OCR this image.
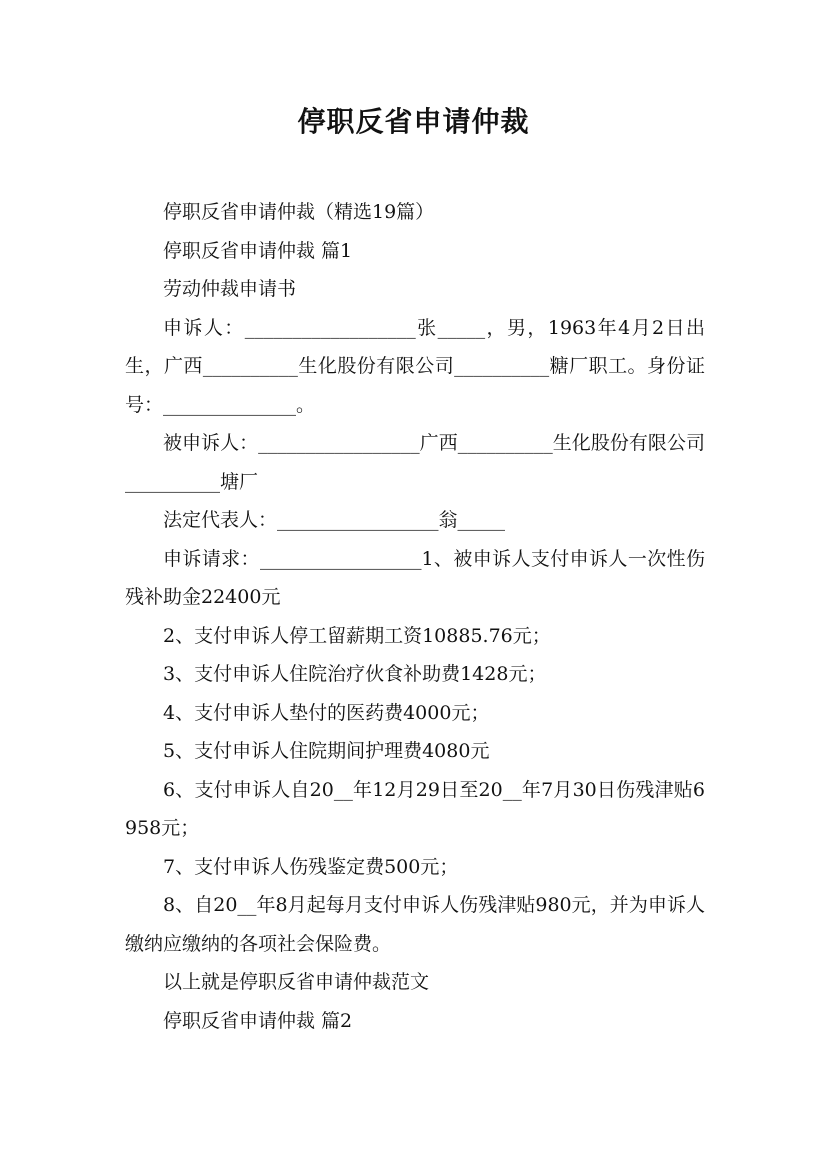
停职反省申请仲裁

停职反省申请仲裁（精选19篇）

停职反省申请仲裁 篇1

劳动仲裁申请书

申诉人：__________________张_____，男，1963年4月2日出生，广西__________生化股份有限公司__________糖厂职工。身份证号：______________。

被申诉人：_________________广西__________生化股份有限公司__________塘厂

法定代表人：_________________翁_____

申诉请求：_________________1、被申诉人支付申诉人一次性伤残补助金22400元

2、支付申诉人停工留薪期工资10885.76元；

3、支付申诉人住院治疗伙食补助费1428元；

4、支付申诉人垫付的医药费4000元；

5、支付申诉人住院期间护理费4080元

6、支付申诉人自20__年12月29日至20__年7月30日伤残津贴6958元；

7、支付申诉人伤残鉴定费500元；

8、自20__年8月起每月支付申诉人伤残津贴980元，并为申诉人缴纳应缴纳的各项社会保险费。

以上就是停职反省申请仲裁范文

停职反省申请仲裁 篇2
